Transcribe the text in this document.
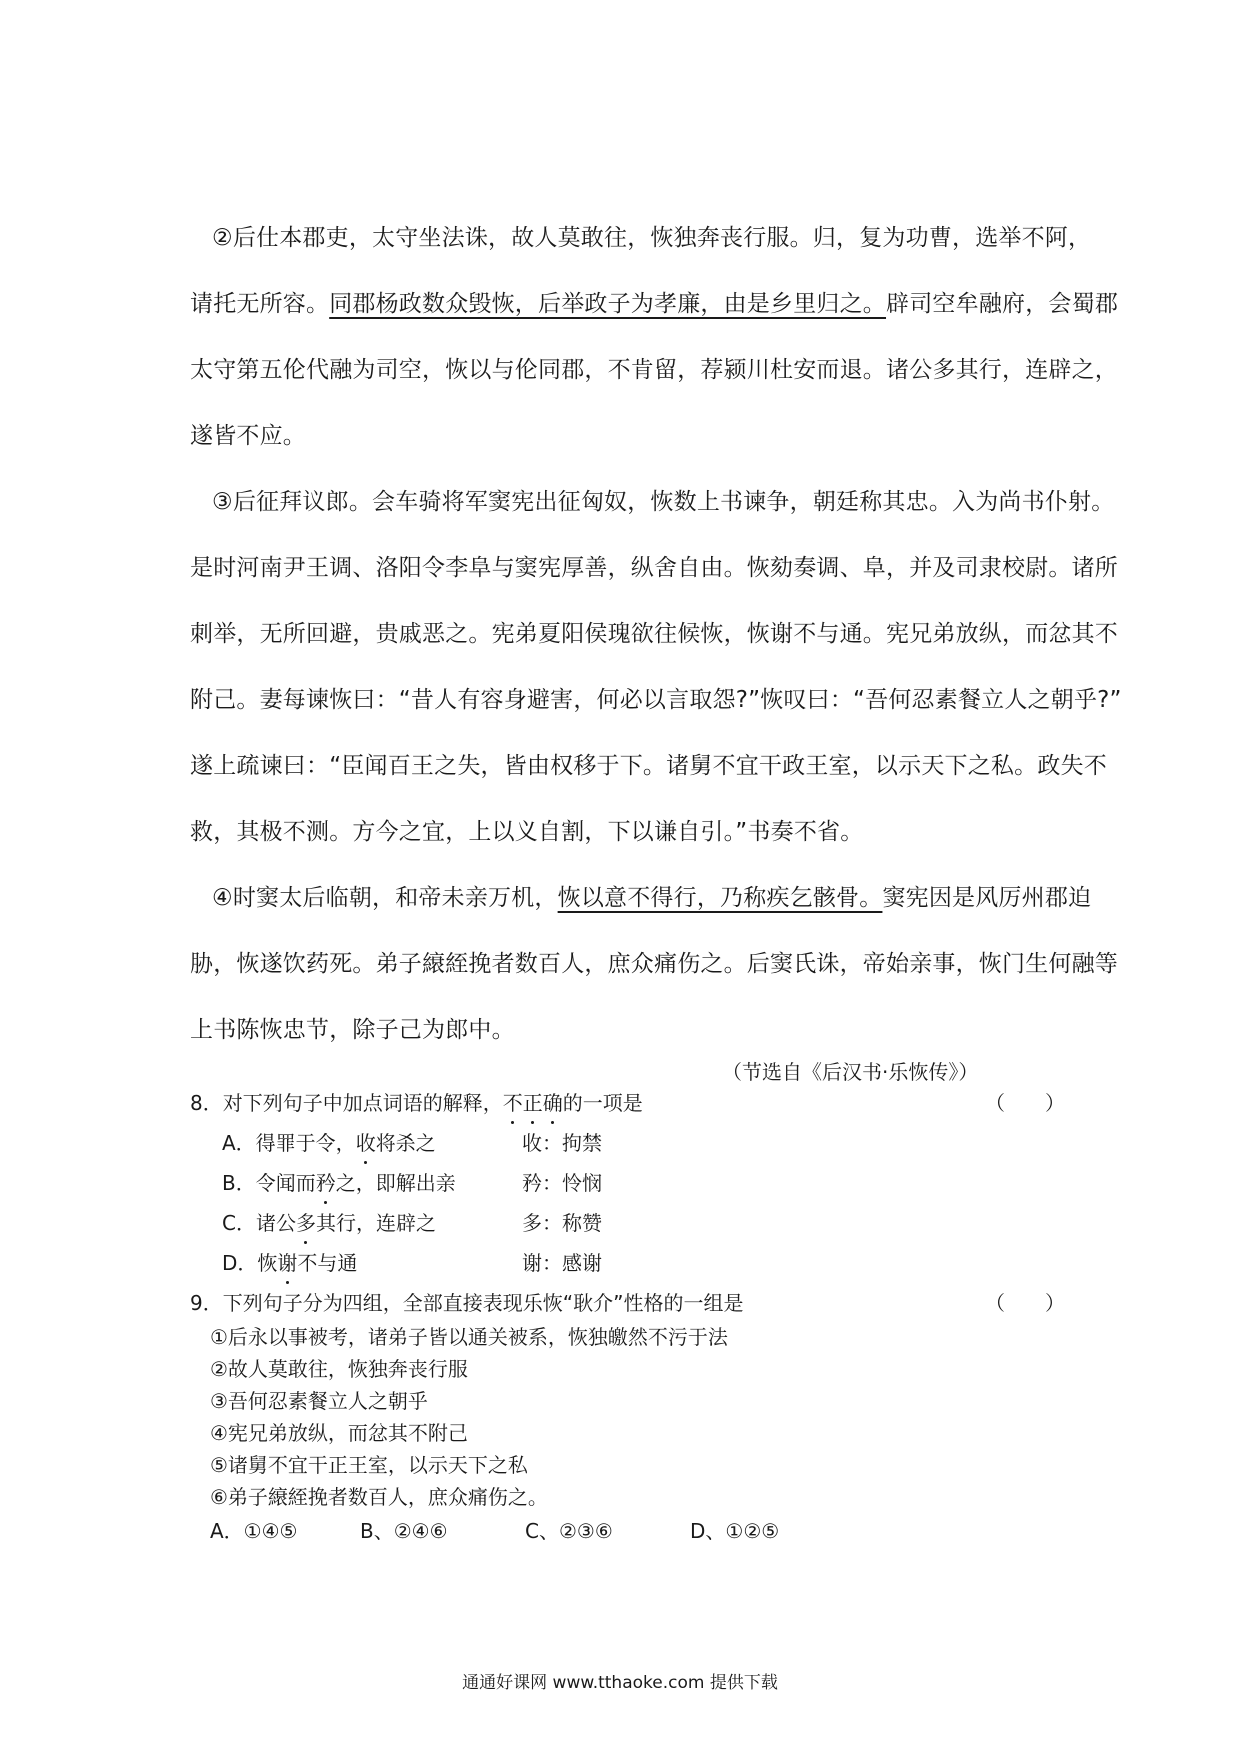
②后仕本郡吏，太守坐法诛，故人莫敢往，恢独奔丧行服。归，复为功曹，选举不阿，
请托无所容。同郡杨政数众毁恢，后举政子为孝廉，由是乡里归之。辟司空牟融府，会蜀郡
太守第五伦代融为司空，恢以与伦同郡，不肯留，荐颍川杜安而退。诸公多其行，连辟之，
遂皆不应。
③后征拜议郎。会车骑将军窦宪出征匈奴，恢数上书谏争，朝廷称其忠。入为尚书仆射。
是时河南尹王调、洛阳令李阜与窦宪厚善，纵舍自由。恢劾奏调、阜，并及司隶校尉。诸所
刺举，无所回避，贵戚恶之。宪弟夏阳侯瑰欲往候恢，恢谢不与通。宪兄弟放纵，而忿其不
附己。妻每谏恢曰：“昔人有容身避害，何必以言取怨?”恢叹曰：“吾何忍素餐立人之朝乎?”
遂上疏谏曰：“臣闻百王之失，皆由权移于下。诸舅不宜干政王室，以示天下之私。政失不
救，其极不测。方今之宜，上以义自割，下以谦自引。”书奏不省。
④时窦太后临朝，和帝未亲万机，恢以意不得行，乃称疾乞骸骨。窦宪因是风厉州郡迫
胁，恢遂饮药死。弟子縗絰挽者数百人，庶众痛伤之。后窦氏诛，帝始亲事，恢门生何融等
上书陈恢忠节，除子己为郎中。
（节选自《后汉书·乐恢传》）
8．对下列句子中加点词语的解释，不正确的一项是	（　　）
A．得罪于令，收将杀之	收：拘禁
B．令闻而矜之，即解出亲	矜：怜悯
C．诸公多其行，连辟之	多：称赞
D．恢谢不与通	谢：感谢
9．下列句子分为四组，全部直接表现乐恢“耿介”性格的一组是	（　　）
①后永以事被考，诸弟子皆以通关被系，恢独皦然不污于法
②故人莫敢往，恢独奔丧行服
③吾何忍素餐立人之朝乎
④宪兄弟放纵，而忿其不附己
⑤诸舅不宜干正王室，以示天下之私
⑥弟子縗絰挽者数百人，庶众痛伤之。
A．①④⑤	B、②④⑥	C、②③⑥	D、①②⑤
通通好课网 www.tthaoke.com 提供下载
